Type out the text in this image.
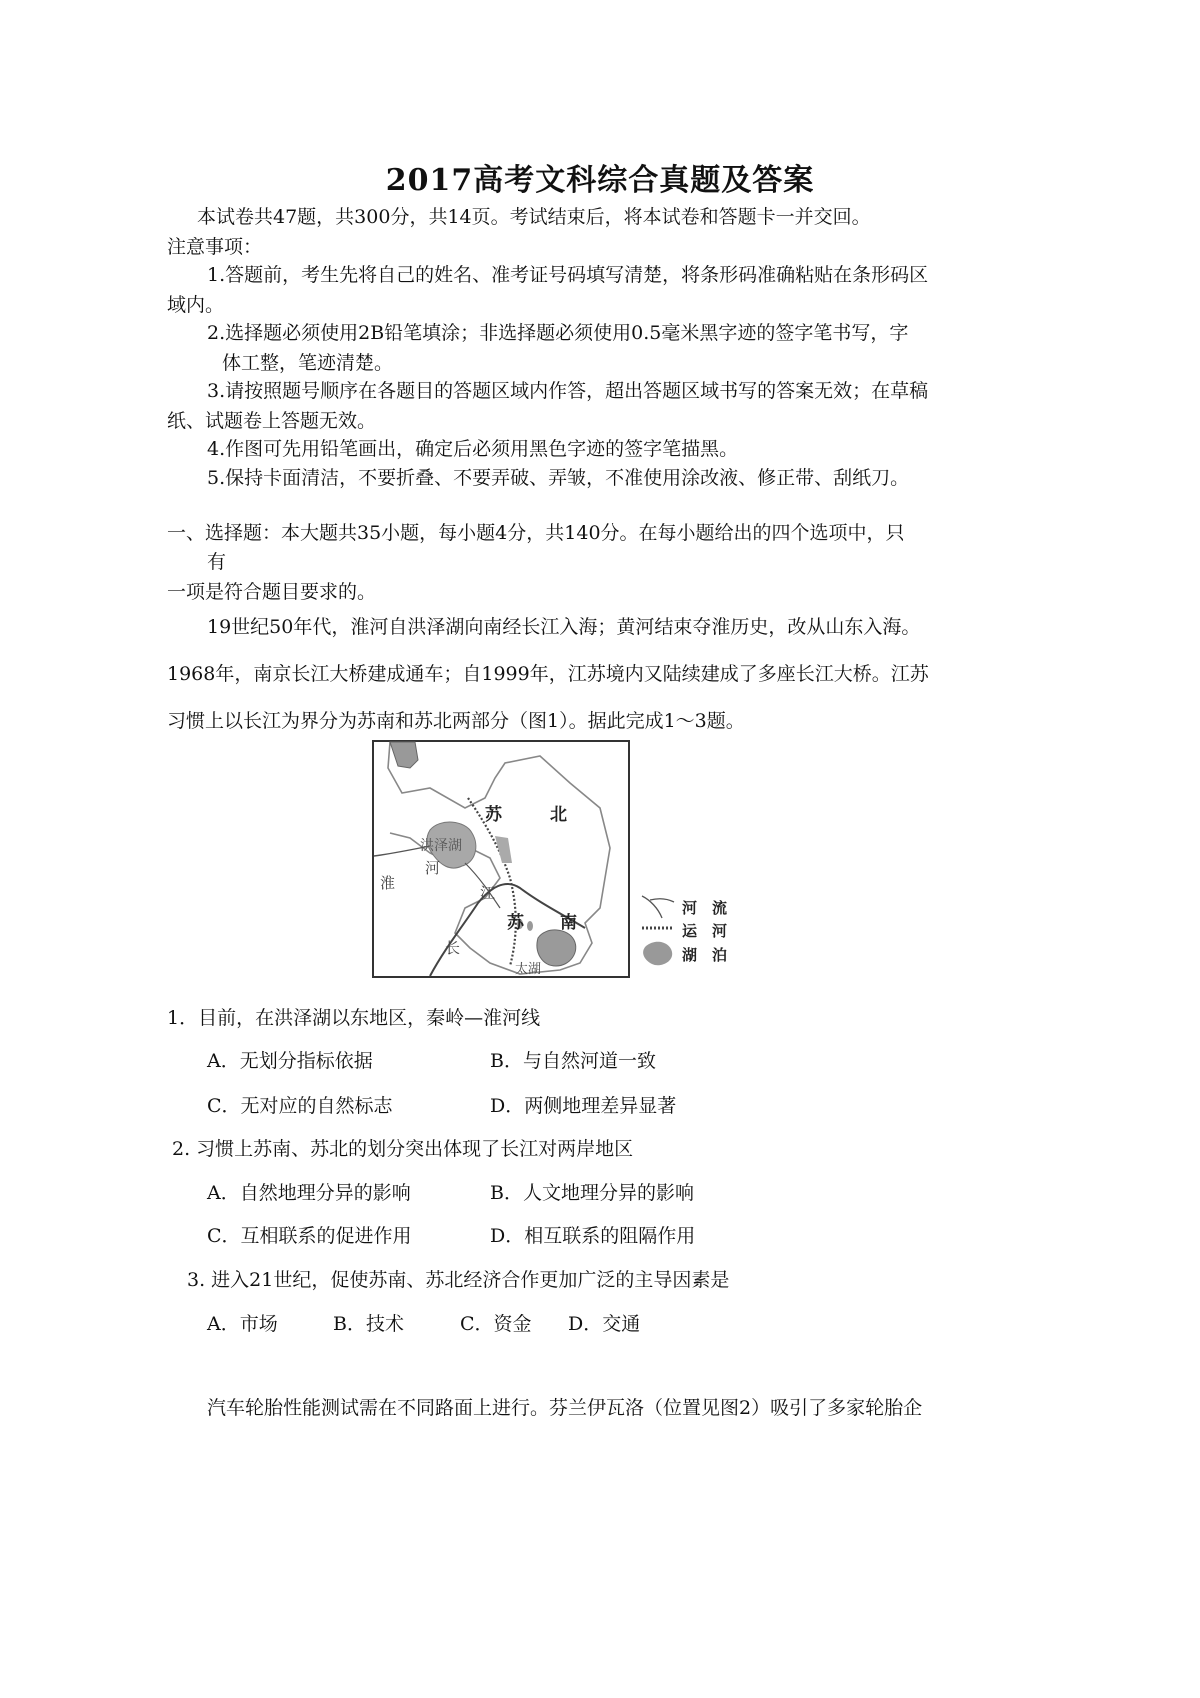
2017高考文科综合真题及答案
本试卷共47题，共300分，共14页。考试结束后，将本试卷和答题卡一并交回。
注意事项：
1.答题前，考生先将自己的姓名、准考证号码填写清楚，将条形码准确粘贴在条形码区
域内。
2.选择题必须使用2B铅笔填涂；非选择题必须使用0.5毫米黑字迹的签字笔书写，字
体工整，笔迹清楚。
3.请按照题号顺序在各题目的答题区域内作答，超出答题区域书写的答案无效；在草稿
纸、试题卷上答题无效。
4.作图可先用铅笔画出，确定后必须用黑色字迹的签字笔描黑。
5.保持卡面清洁，不要折叠、不要弄破、弄皱，不准使用涂改液、修正带、刮纸刀。
一、选择题：本大题共35小题，每小题4分，共140分。在每小题给出的四个选项中，只
有
一项是符合题目要求的。
19世纪50年代，淮河自洪泽湖向南经长江入海；黄河结束夺淮历史，改从山东入海。
1968年，南京长江大桥建成通车；自1999年，江苏境内又陆续建成了多座长江大桥。江苏
习惯上以长江为界分为苏南和苏北两部分（图1）。据此完成1～3题。
苏	北
洪泽湖
河
淮
江
苏 南
长
太湖
河　流
运　河
湖　泊
1．目前，在洪泽湖以东地区，秦岭—淮河线
A．无划分指标依据	B．与自然河道一致
C．无对应的自然标志	D．两侧地理差异显著
2. 习惯上苏南、苏北的划分突出体现了长江对两岸地区
A．自然地理分异的影响	B．人文地理分异的影响
C．互相联系的促进作用	D．相互联系的阻隔作用
3. 进入21世纪，促使苏南、苏北经济合作更加广泛的主导因素是
A．市场	B．技术	C．资金 D．交通
汽车轮胎性能测试需在不同路面上进行。芬兰伊瓦洛（位置见图2）吸引了多家轮胎企
